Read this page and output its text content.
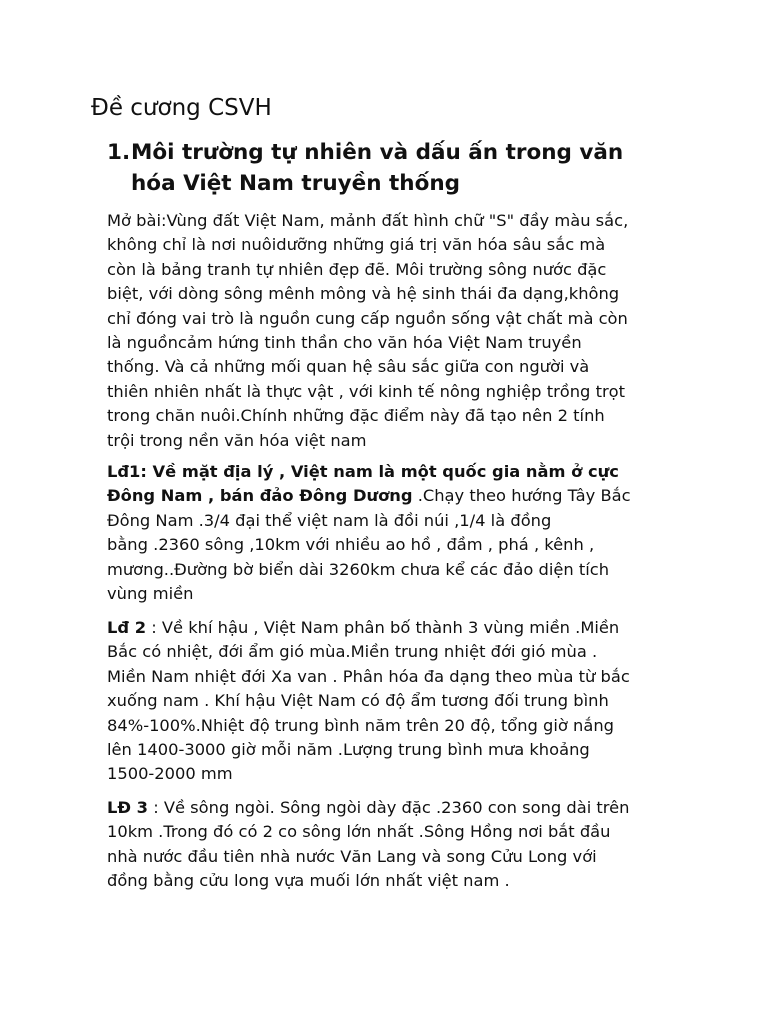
Đề cương CSVH
1. Môi trường tự nhiên và dấu ấn trong văn
hóa Việt Nam truyền thống

Mở bài:Vùng đất Việt Nam, mảnh đất hình chữ "S" đầy màu sắc,
không chỉ là nơi nuôidưỡng những giá trị văn hóa sâu sắc mà
còn là bảng tranh tự nhiên đẹp đẽ. Môi trường sông nước đặc
biệt, với dòng sông mênh mông và hệ sinh thái đa dạng,không
chỉ đóng vai trò là nguồn cung cấp nguồn sống vật chất mà còn
là nguồncảm hứng tinh thần cho văn hóa Việt Nam truyền
thống. Và cả những mối quan hệ sâu sắc giữa con người và
thiên nhiên nhất là thực vật , với kinh tế nông nghiệp trồng trọt
trong chăn nuôi.Chính những đặc điểm này đã tạo nên 2 tính
trội trong nền văn hóa việt nam

Lđ1: Về mặt địa lý , Việt nam là một quốc gia nằm ở cực
Đông Nam , bán đảo Đông Dương .Chạy theo hướng Tây Bắc
Đông Nam .3/4 đại thể việt nam là đồi núi ,1/4 là đồng
bằng .2360 sông ,10km với nhiều ao hồ , đầm , phá , kênh ,
mương..Đường bờ biển dài 3260km chưa kể các đảo diện tích
vùng miền

Lđ 2 : Về khí hậu , Việt Nam phân bố thành 3 vùng miền .Miền
Bắc có nhiệt, đới ẩm gió mùa.Miền trung nhiệt đới gió mùa .
Miền Nam nhiệt đới Xa van . Phân hóa đa dạng theo mùa từ bắc
xuống nam . Khí hậu Việt Nam có độ ẩm tương đối trung bình
84%-100%.Nhiệt độ trung bình năm trên 20 độ, tổng giờ nắng
lên 1400-3000 giờ mỗi năm .Lượng trung bình mưa khoảng
1500-2000 mm

LĐ 3 : Về sông ngòi. Sông ngòi dày đặc .2360 con song dài trên
10km .Trong đó có 2 co sông lớn nhất .Sông Hồng nơi bắt đầu
nhà nước đầu tiên nhà nước Văn Lang và song Cửu Long với
đồng bằng cửu long vựa muối lớn nhất việt nam .
